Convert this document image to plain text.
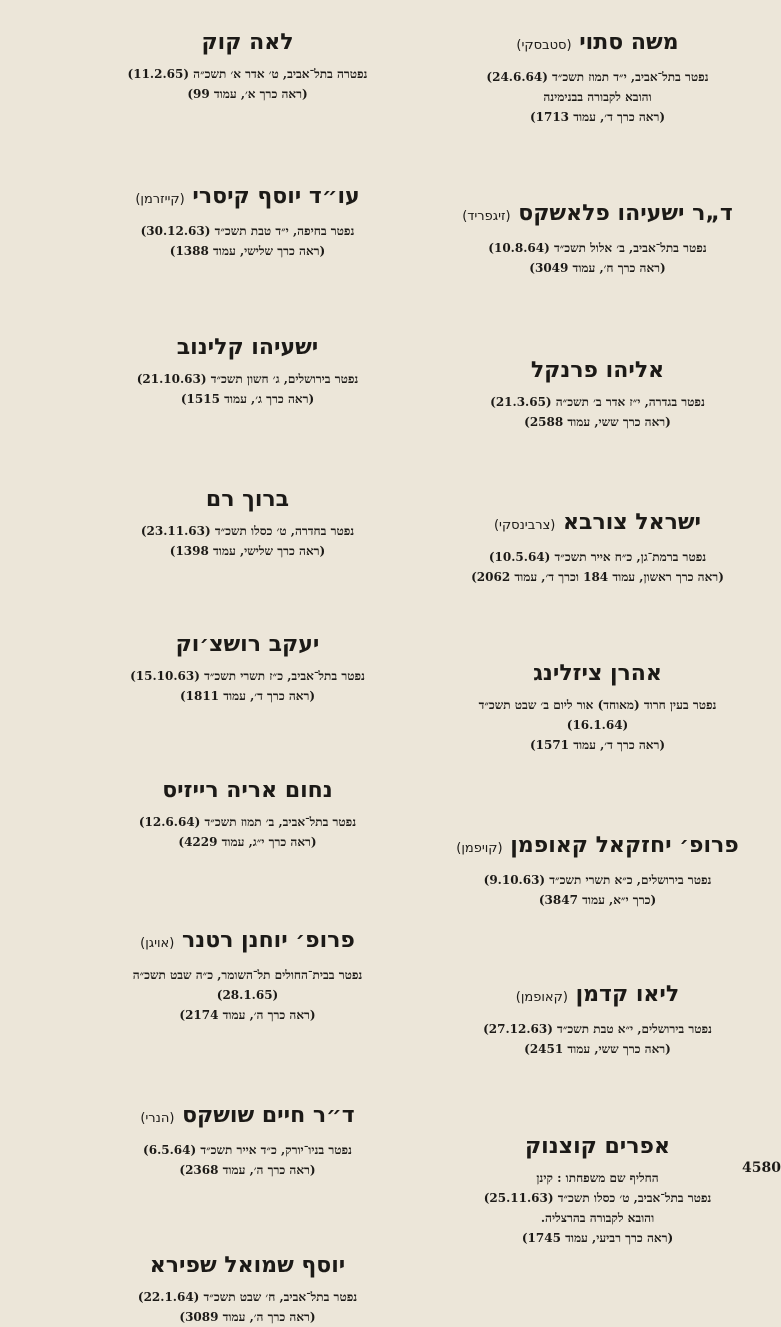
משה סתוי (סטבסקי)
נפטר בתל־אביב, י״ד תמוז תשכ״ד (24.6.64)
והובא לקבורה בבנימינה
(ראה כרך ד׳, עמוד 1713)
ד„ר ישעיהו פלאשקס (זיגפריד)
נפטר בתל־אביב, ב׳ אלול תשכ״ד (10.8.64)
(ראה כרך ח׳, עמוד 3049)
אליהו פרנקל
נפטר בגדרה, י״ז אדר ב׳ תשכ״ה (21.3.65)
(ראה כרך ששי, עמוד 2588)
ישראל צורבא (צרבינסקי)
נפטר ברמת־גן, כ״ח אייר תשכ״ד (10.5.64)
(ראה כרך ראשון, עמוד 184 וכרך ד׳, עמוד 2062)
אהרן ציזלינג
נפטר בעין חרוד (מאוחד) אור ליום ב׳ שבט תשכ״ד
(16.1.64)
(ראה כרך ד׳, עמוד 1571)
פרופ׳ יחזקאל קאופמן (קויפמן)
נפטר בירושלים, כ״א תשרי תשכ״ד (9.10.63)
(כרך י״א, עמוד 3847)
ליאו קדמן (קאופמן)
נפטר בירושלים, י״א טבת תשכ״ד (27.12.63)
(ראה כרך ששי, עמוד 2451)
אפרים קוצנוק
החליף שם משפחתו : קינן
נפטר בתל־אביב, ט׳ כסלו תשכ״ד (25.11.63)
והובא לקבורה בהרצליה.
(ראה כרך רביעי, עמוד 1745)
לאה קוק
נפטרה בתל־אביב, ט׳ אדר א׳ תשכ״ה (11.2.65)
(ראה כרך א׳, עמוד 99)
עו״ד יוסף קיסרי (קייזרמן)
נפטר בחיפה, י״ד טבת תשכ״ד (30.12.63)
(ראה כרך שלישי, עמוד 1388)
ישעיהו קלינוב
נפטר בירושלים, ג׳ חשון תשכ״ד (21.10.63)
(ראה כרך ג׳, עמוד 1515)
ברוך רם
נפטר בחדרה, ט׳ כסלו תשכ״ד (23.11.63)
(ראה כרך שלישי, עמוד 1398)
יעקב רושצ׳וק
נפטר בתל־אביב, כ״ז תשרי תשכ״ד (15.10.63)
(ראה כרך ד׳, עמוד 1811)
נחום אריה רייזיס
נפטר בתל־אביב, ב׳ תמוז תשכ״ד (12.6.64)
(ראה כרך י״ג, עמוד 4229)
פרופ׳ יוחנן רטנר (אויגן)
נפטר בבית־החולים תל־השומר, כ״ה שבט תשכ״ה
(28.1.65)
(ראה כרך ה׳, עמוד 2174)
ד״ר חיים שושקס (הנרי)
נפטר בניו־יורק, כ״ד אייר תשכ״ד (6.5.64)
(ראה כרך ה׳, עמוד 2368)
יוסף שמואל שפירא
נפטר בתל־אביב, ח׳ שבט תשכ״ד (22.1.64)
(ראה כרך ה׳, עמוד 3089)
4580
